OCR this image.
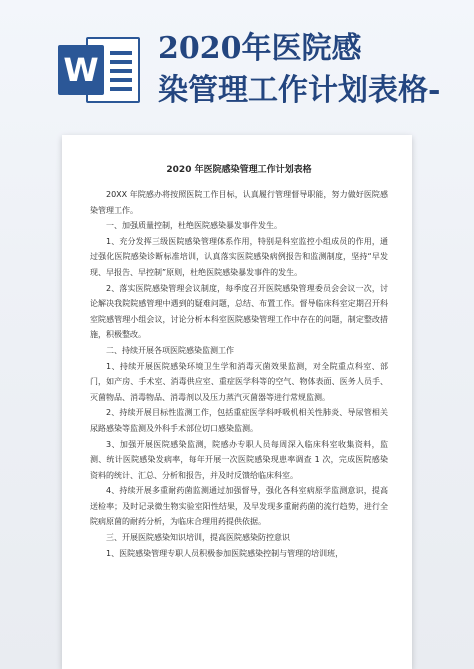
W
2020年医院感
染管理工作计划表格-
2020 年医院感染管理工作计划表格

20XX 年院感办将按照医院工作目标，认真履行管理督导职能，努力做好医院感染管理工作。

一、加强质量控制，杜绝医院感染暴发事件发生。

1、充分发挥三级医院感染管理体系作用，特别是科室监控小组成员的作用，通过强化医院感染诊断标准培训，认真落实医院感染病例报告和监测制度，坚持“早发现、早报告、早控制”原则，杜绝医院感染暴发事件的发生。

2、落实医院感染管理会议制度，每季度召开医院感染管理委员会会议一次，讨论解决我院院感管理中遇到的疑难问题，总结、布置工作。督导临床科室定期召开科室院感管理小组会议，讨论分析本科室医院感染管理工作中存在的问题，制定整改措施，积极整改。

二、持续开展各项医院感染监测工作

1、持续开展医院感染环境卫生学和消毒灭菌效果监测，对全院重点科室、部门，如产房、手术室、消毒供应室、重症医学科等的空气、物体表面、医务人员手、灭菌物品、消毒物品、消毒剂以及压力蒸汽灭菌器等进行常规监测。

2、持续开展目标性监测工作，包括重症医学科呼吸机相关性肺炎、导尿管相关尿路感染等监测及外科手术部位切口感染监测。

3、加强开展医院感染监测，院感办专职人员每周深入临床科室收集资料，监测、统计医院感染发病率，每年开展一次医院感染现患率调查 1 次，完成医院感染资料的统计、汇总、分析和报告，并及时反馈给临床科室。

4、持续开展多重耐药菌监测通过加强督导，强化各科室病原学监测意识，提高送检率；及时记录微生物实验室阳性结果，及早发现多重耐药菌的流行趋势，进行全院病原菌的耐药分析，为临床合理用药提供依据。

三、开展医院感染知识培训，提高医院感染防控意识

1、医院感染管理专职人员积极参加医院感染控制与管理的培训班，
